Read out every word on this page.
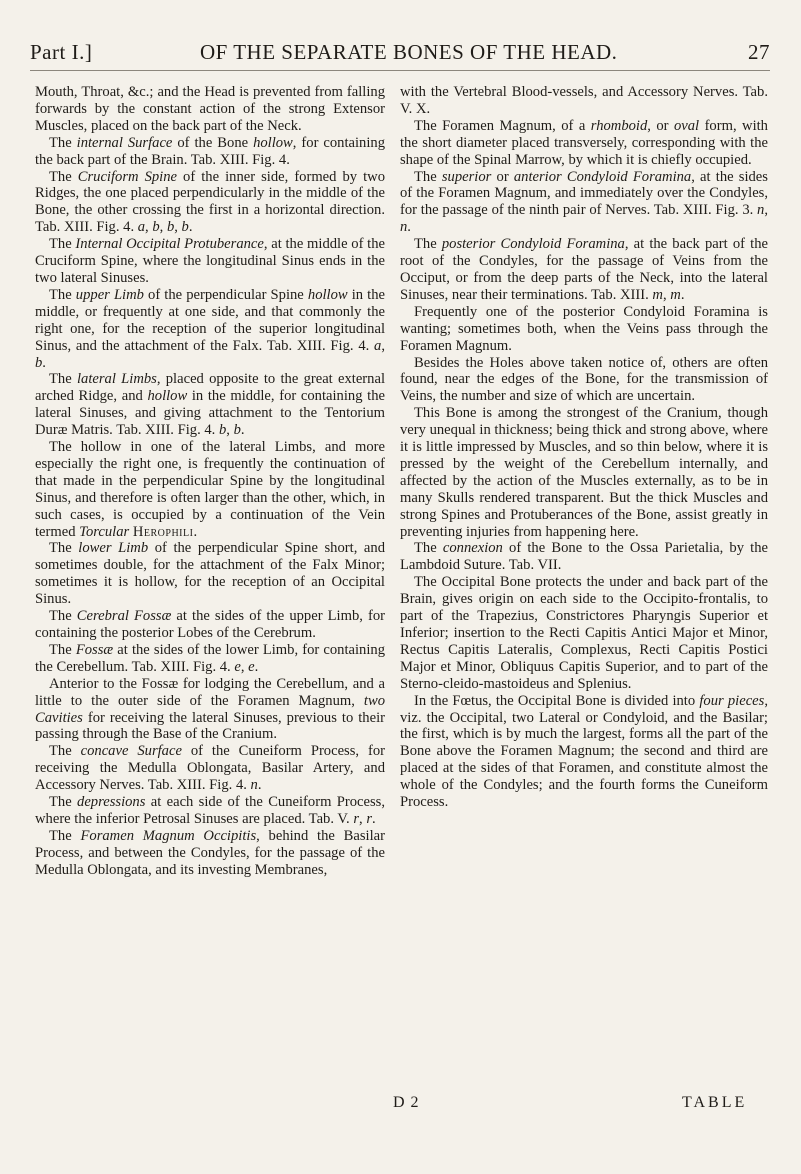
Part I.]	OF THE SEPARATE BONES OF THE HEAD.	27

Mouth, Throat, &c.; and the Head is prevented from falling forwards by the constant action of the strong Extensor Muscles, placed on the back part of the Neck.

The internal Surface of the Bone hollow, for containing the back part of the Brain. Tab. XIII. Fig. 4.

The Cruciform Spine of the inner side, formed by two Ridges, the one placed perpendicularly in the middle of the Bone, the other crossing the first in a horizontal direction. Tab. XIII. Fig. 4. a, b, b, b.

The Internal Occipital Protuberance, at the middle of the Cruciform Spine, where the longitudinal Sinus ends in the two lateral Sinuses.

The upper Limb of the perpendicular Spine hollow in the middle, or frequently at one side, and that commonly the right one, for the reception of the superior longitudinal Sinus, and the attachment of the Falx. Tab. XIII. Fig. 4. a, b.

The lateral Limbs, placed opposite to the great external arched Ridge, and hollow in the middle, for containing the lateral Sinuses, and giving attachment to the Tentorium Duræ Matris. Tab. XIII. Fig. 4. b, b.

The hollow in one of the lateral Limbs, and more especially the right one, is frequently the continuation of that made in the perpendicular Spine by the longitudinal Sinus, and therefore is often larger than the other, which, in such cases, is occupied by a continuation of the Vein termed Torcular Herophili.

The lower Limb of the perpendicular Spine short, and sometimes double, for the attachment of the Falx Minor; sometimes it is hollow, for the reception of an Occipital Sinus.

The Cerebral Fossæ at the sides of the upper Limb, for containing the posterior Lobes of the Cerebrum.

The Fossæ at the sides of the lower Limb, for containing the Cerebellum. Tab. XIII. Fig. 4. e, e.

Anterior to the Fossæ for lodging the Cerebellum, and a little to the outer side of the Foramen Magnum, two Cavities for receiving the lateral Sinuses, previous to their passing through the Base of the Cranium.

The concave Surface of the Cuneiform Process, for receiving the Medulla Oblongata, Basilar Artery, and Accessory Nerves. Tab. XIII. Fig. 4. n.

The depressions at each side of the Cuneiform Process, where the inferior Petrosal Sinuses are placed. Tab. V. r, r.

The Foramen Magnum Occipitis, behind the Basilar Process, and between the Condyles, for the passage of the Medulla Oblongata, and its investing Membranes,

with the Vertebral Blood-vessels, and Accessory Nerves. Tab. V. X.

The Foramen Magnum, of a rhomboid, or oval form, with the short diameter placed transversely, corresponding with the shape of the Spinal Marrow, by which it is chiefly occupied.

The superior or anterior Condyloid Foramina, at the sides of the Foramen Magnum, and immediately over the Condyles, for the passage of the ninth pair of Nerves. Tab. XIII. Fig. 3. n, n.

The posterior Condyloid Foramina, at the back part of the root of the Condyles, for the passage of Veins from the Occiput, or from the deep parts of the Neck, into the lateral Sinuses, near their terminations. Tab. XIII. m, m.

Frequently one of the posterior Condyloid Foramina is wanting; sometimes both, when the Veins pass through the Foramen Magnum.

Besides the Holes above taken notice of, others are often found, near the edges of the Bone, for the transmission of Veins, the number and size of which are uncertain.

This Bone is among the strongest of the Cranium, though very unequal in thickness; being thick and strong above, where it is little impressed by Muscles, and so thin below, where it is pressed by the weight of the Cerebellum internally, and affected by the action of the Muscles externally, as to be in many Skulls rendered transparent. But the thick Muscles and strong Spines and Protuberances of the Bone, assist greatly in preventing injuries from happening here.

The connexion of the Bone to the Ossa Parietalia, by the Lambdoid Suture. Tab. VII.

The Occipital Bone protects the under and back part of the Brain, gives origin on each side to the Occipito-frontalis, to part of the Trapezius, Constrictores Pharyngis Superior et Inferior; insertion to the Recti Capitis Antici Major et Minor, Rectus Capitis Lateralis, Complexus, Recti Capitis Postici Major et Minor, Obliquus Capitis Superior, and to part of the Sterno-cleido-mastoideus and Splenius.

In the Fœtus, the Occipital Bone is divided into four pieces, viz. the Occipital, two Lateral or Condyloid, and the Basilar; the first, which is by much the largest, forms all the part of the Bone above the Foramen Magnum; the second and third are placed at the sides of that Foramen, and constitute almost the whole of the Condyles; and the fourth forms the Cuneiform Process.

D 2	TABLE
